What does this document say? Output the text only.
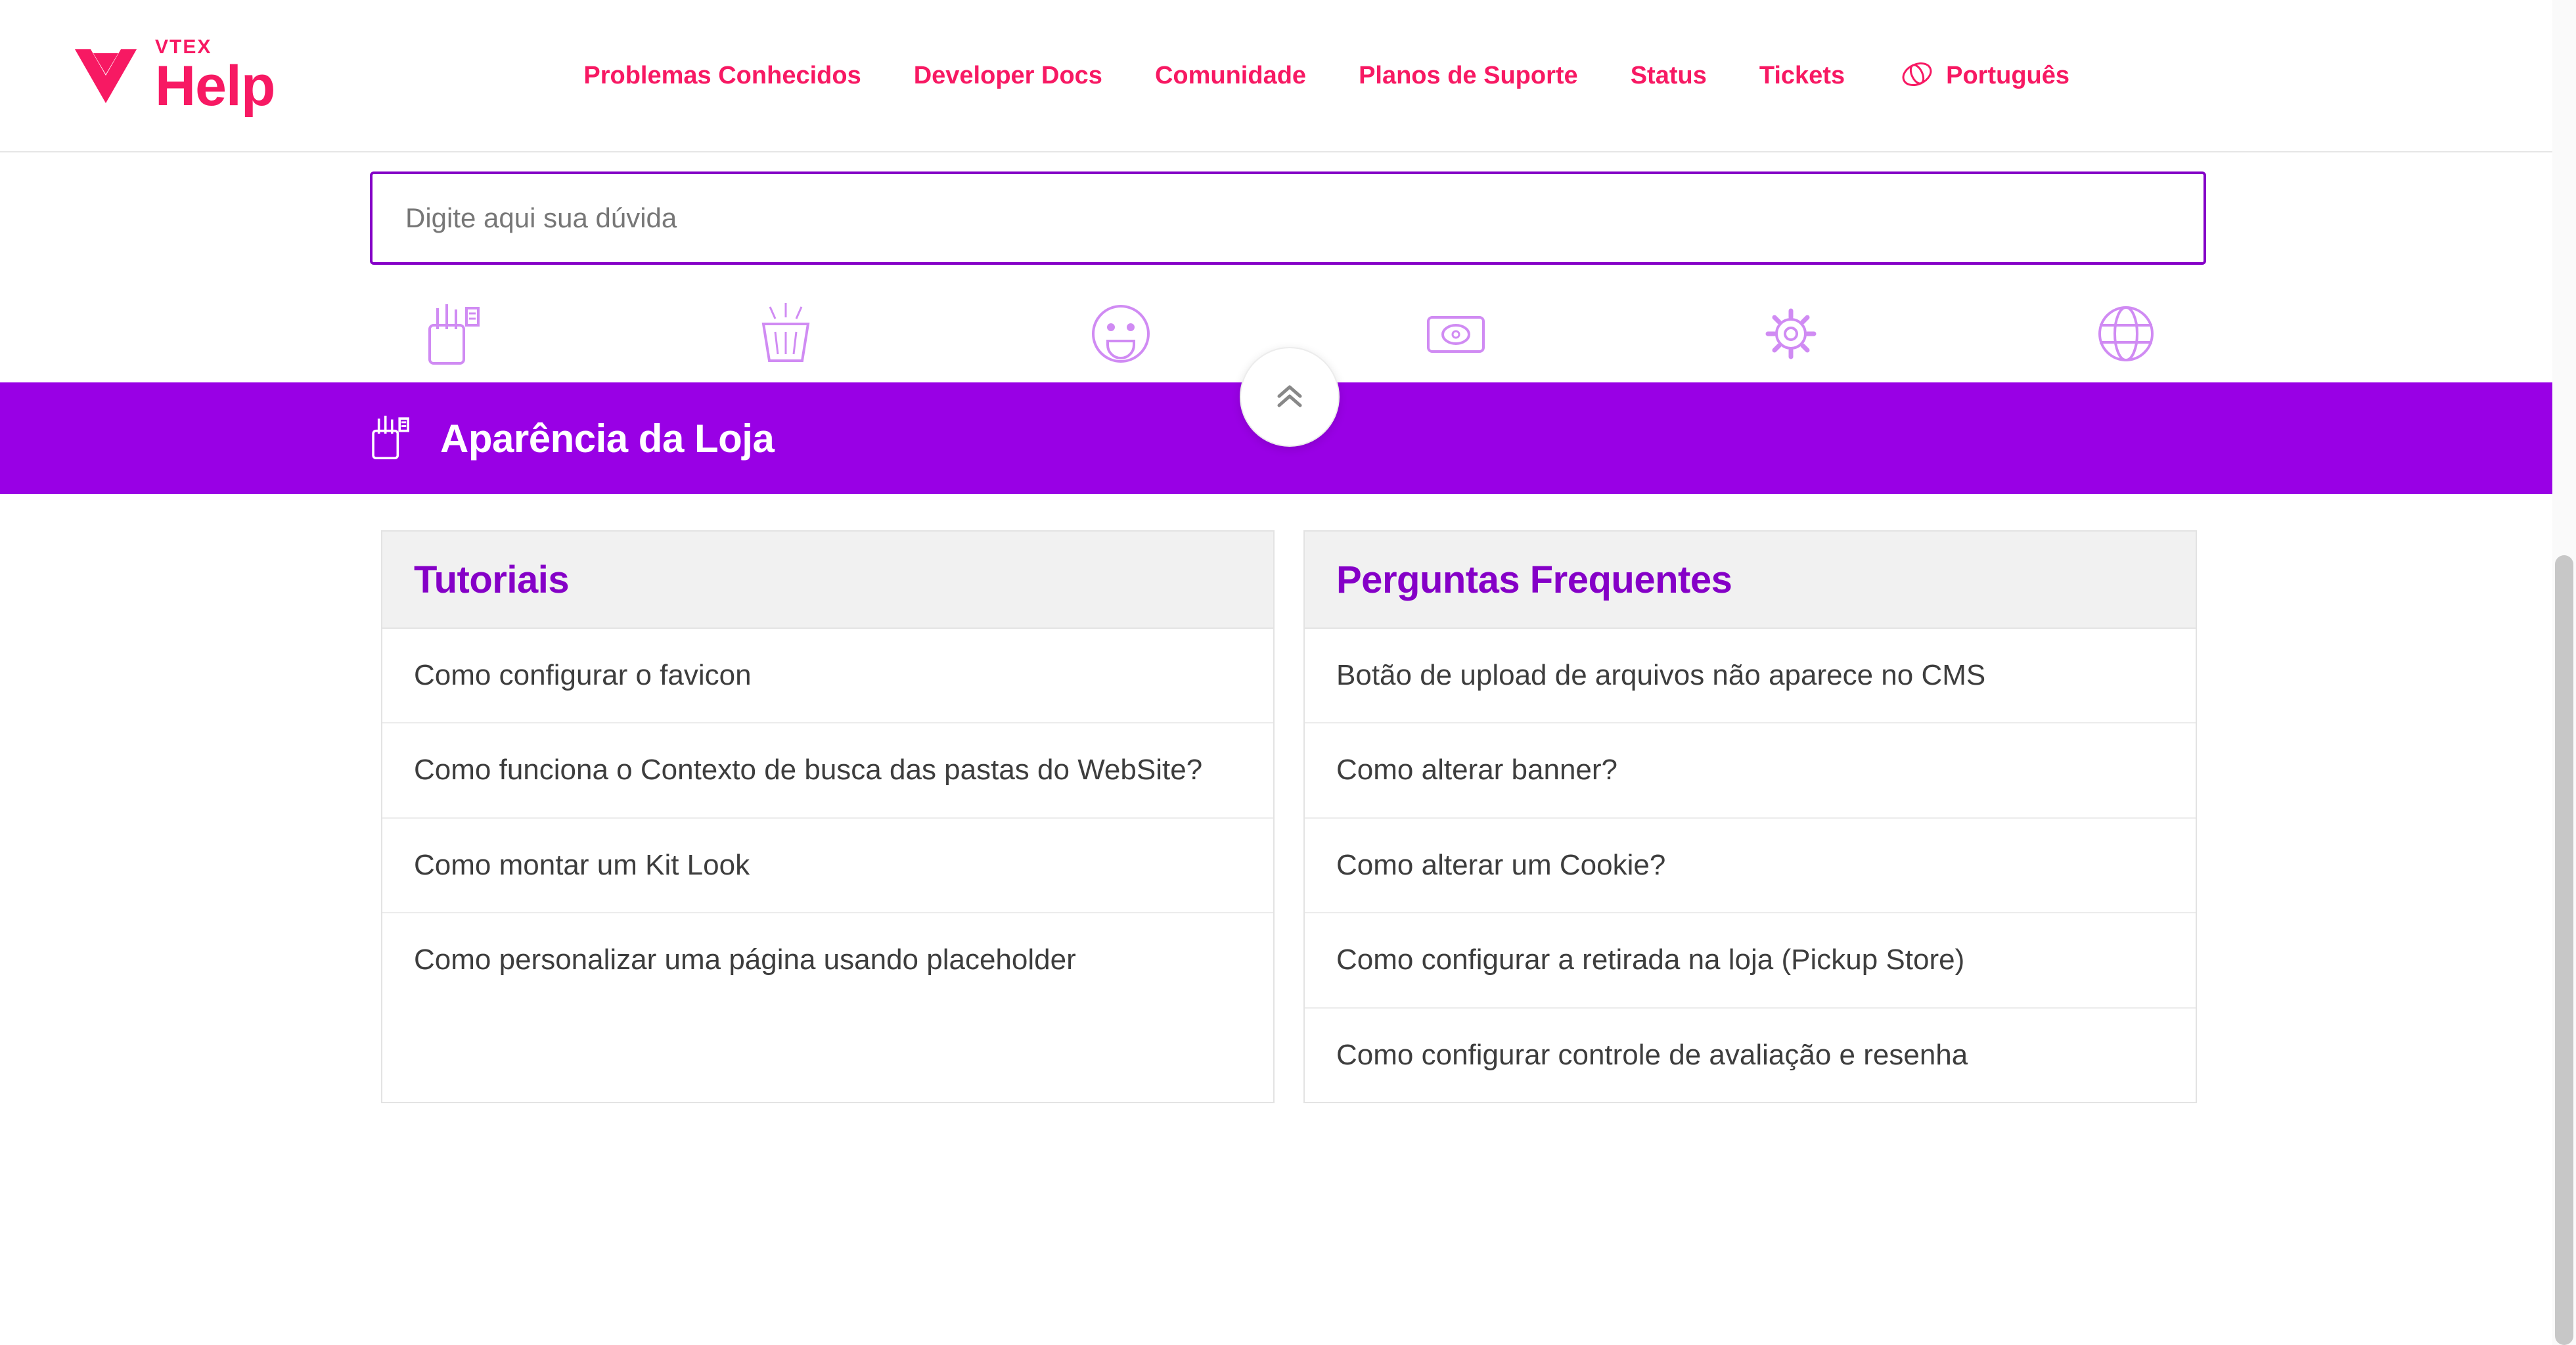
VTEX
Help	Problemas Conhecidos Developer Docs Comunidade Planos de Suporte Status Tickets	Português
Digite aqui sua dúvida
Aparência da Loja
Tutoriais
Como configurar o favicon
Como funciona o Contexto de busca das pastas do WebSite?
Como montar um Kit Look
Como personalizar uma página usando placeholder
Perguntas Frequentes
Botão de upload de arquivos não aparece no CMS
Como alterar banner?
Como alterar um Cookie?
Como configurar a retirada na loja (Pickup Store)
Como configurar controle de avaliação e resenha
